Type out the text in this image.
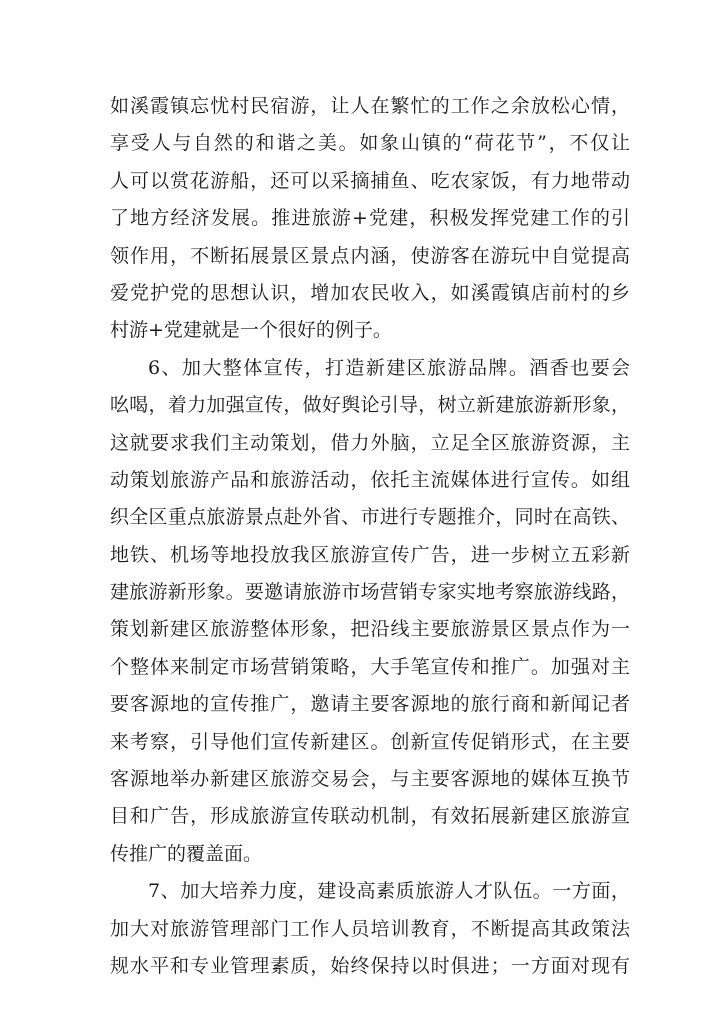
如溪霞镇忘忧村民宿游，让人在繁忙的工作之余放松心情，
享受人与自然的和谐之美。如象山镇的“荷花节”，不仅让
人可以赏花游船，还可以采摘捕鱼、吃农家饭，有力地带动
了地方经济发展。推进旅游+党建，积极发挥党建工作的引
领作用，不断拓展景区景点内涵，使游客在游玩中自觉提高
爱党护党的思想认识，增加农民收入，如溪霞镇店前村的乡
村游+党建就是一个很好的例子。
6、加大整体宣传，打造新建区旅游品牌。酒香也要会
吆喝，着力加强宣传，做好舆论引导，树立新建旅游新形象，
这就要求我们主动策划，借力外脑，立足全区旅游资源，主
动策划旅游产品和旅游活动，依托主流媒体进行宣传。如组
织全区重点旅游景点赴外省、市进行专题推介，同时在高铁、
地铁、机场等地投放我区旅游宣传广告，进一步树立五彩新
建旅游新形象。要邀请旅游市场营销专家实地考察旅游线路，
策划新建区旅游整体形象，把沿线主要旅游景区景点作为一
个整体来制定市场营销策略，大手笔宣传和推广。加强对主
要客源地的宣传推广，邀请主要客源地的旅行商和新闻记者
来考察，引导他们宣传新建区。创新宣传促销形式，在主要
客源地举办新建区旅游交易会，与主要客源地的媒体互换节
目和广告，形成旅游宣传联动机制，有效拓展新建区旅游宣
传推广的覆盖面。
7、加大培养力度，建设高素质旅游人才队伍。一方面，
加大对旅游管理部门工作人员培训教育，不断提高其政策法
规水平和专业管理素质，始终保持以时俱进；一方面对现有
